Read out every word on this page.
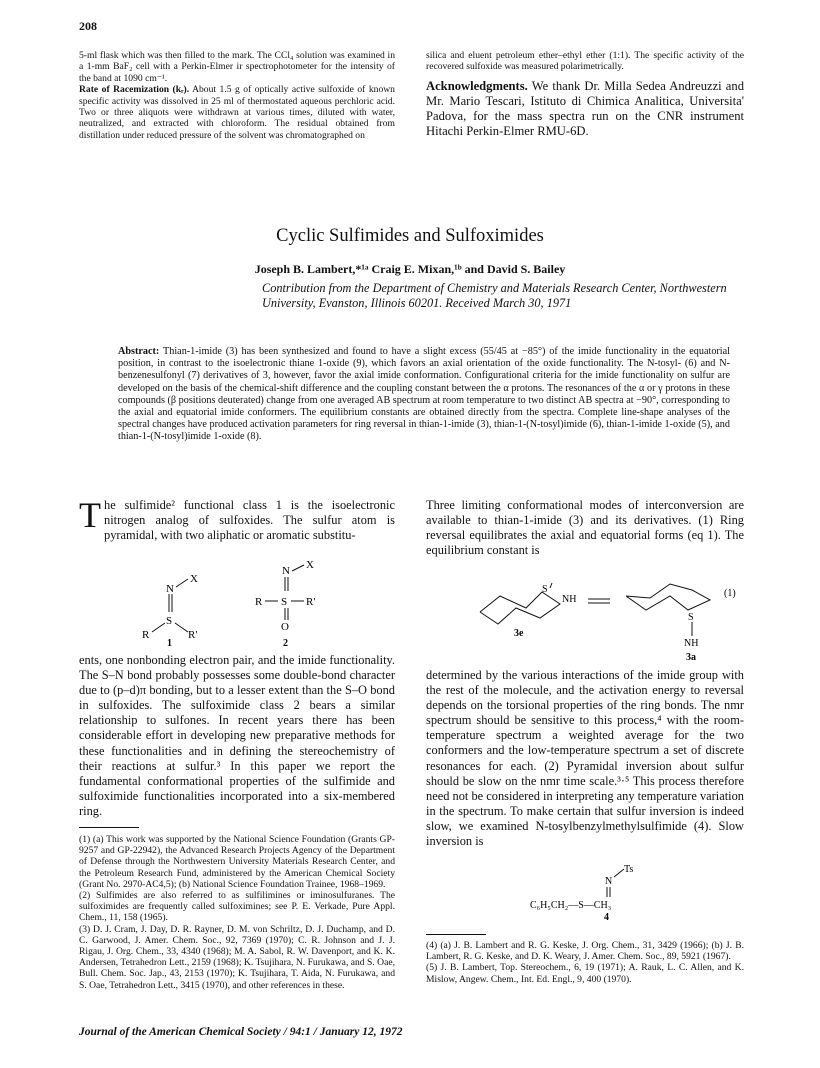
208

5-ml flask which was then filled to the mark. The CCl₄ solution was examined in a 1-mm BaF₂ cell with a Perkin-Elmer ir spectrophotometer for the intensity of the band at 1090 cm⁻¹.

Rate of Racemization (kᵣ). About 1.5 g of optically active sulfoxide of known specific activity was dissolved in 25 ml of thermostated aqueous perchloric acid. Two or three aliquots were withdrawn at various times, diluted with water, neutralized, and extracted with chloroform. The residual obtained from distillation under reduced pressure of the solvent was chromatographed on

silica and eluent petroleum ether–ethyl ether (1:1). The specific activity of the recovered sulfoxide was measured polarimetrically.

Acknowledgments. We thank Dr. Milla Sedea Andreuzzi and Mr. Mario Tescari, Istituto di Chimica Analitica, Universita' Padova, for the mass spectra run on the CNR instrument Hitachi Perkin-Elmer RMU-6D.

Cyclic Sulfimides and Sulfoximides
Joseph B. Lambert,*¹ᵃ Craig E. Mixan,¹ᵇ and David S. Bailey
Contribution from the Department of Chemistry and Materials Research Center, Northwestern University, Evanston, Illinois 60201. Received March 30, 1971
Abstract: Thian-1-imide (3) has been synthesized and found to have a slight excess (55/45 at −85°) of the imide functionality in the equatorial position, in contrast to the isoelectronic thiane 1-oxide (9), which favors an axial orientation of the oxide functionality. The N-tosyl- (6) and N-benzenesulfonyl (7) derivatives of 3, however, favor the axial imide conformation. Configurational criteria for the imide functionality on sulfur are developed on the basis of the chemical-shift difference and the coupling constant between the α protons. The resonances of the α or γ protons in these compounds (β positions deuterated) change from one averaged AB spectrum at room temperature to two distinct AB spectra at −90°, corresponding to the axial and equatorial imide conformers. The equilibrium constants are obtained directly from the spectra. Complete line-shape analyses of the spectral changes have produced activation parameters for ring reversal in thian-1-imide (3), thian-1-(N-tosyl)imide (6), thian-1-imide 1-oxide (5), and thian-1-(N-tosyl)imide 1-oxide (8).
The sulfimide² functional class 1 is the isoelectronic nitrogen analog of sulfoxides. The sulfur atom is pyramidal, with two aliphatic or aromatic substitu-
N
X
S
R	R'
1
N X
R S R'
O
2
ents, one nonbonding electron pair, and the imide functionality. The S–N bond probably possesses some double-bond character due to (p–d)π bonding, but to a lesser extent than the S–O bond in sulfoxides. The sulfoximide class 2 bears a similar relationship to sulfones. In recent years there has been considerable effort in developing new preparative methods for these functionalities and in defining the stereochemistry of their reactions at sulfur.³ In this paper we report the fundamental conformational properties of the sulfimide and sulfoximide functionalities incorporated into a six-membered ring.

(1) (a) This work was supported by the National Science Foundation (Grants GP-9257 and GP-22942), the Advanced Research Projects Agency of the Department of Defense through the Northwestern University Materials Research Center, and the Petroleum Research Fund, administered by the American Chemical Society (Grant No. 2970-AC4,5); (b) National Science Foundation Trainee, 1968–1969.

(2) Sulfimides are also referred to as sulfilimines or iminosulfuranes. The sulfoximides are frequently called sulfoximines; see P. E. Verkade, Pure Appl. Chem., 11, 158 (1965).

(3) D. J. Cram, J. Day, D. R. Rayner, D. M. von Schriltz, D. J. Duchamp, and D. C. Garwood, J. Amer. Chem. Soc., 92, 7369 (1970); C. R. Johnson and J. J. Rigau, J. Org. Chem., 33, 4340 (1968); M. A. Sabol, R. W. Davenport, and K. K. Andersen, Tetrahedron Lett., 2159 (1968); K. Tsujihara, N. Furukawa, and S. Oae, Bull. Chem. Soc. Jap., 43, 2153 (1970); K. Tsujihara, T. Aida, N. Furukawa, and S. Oae, Tetrahedron Lett., 3415 (1970), and other references in these.

Three limiting conformational modes of interconversion are available to thian-1-imide (3) and its derivatives. (1) Ring reversal equilibrates the axial and equatorial forms (eq 1). The equilibrium constant is
S
NH
3e
S
NH
3a
(1)
determined by the various interactions of the imide group with the rest of the molecule, and the activation energy to reversal depends on the torsional properties of the ring bonds. The nmr spectrum should be sensitive to this process,⁴ with the room-temperature spectrum a weighted average for the two conformers and the low-temperature spectrum a set of discrete resonances for each. (2) Pyramidal inversion about sulfur should be slow on the nmr time scale.³·⁵ This process therefore need not be considered in interpreting any temperature variation in the spectrum. To make certain that sulfur inversion is indeed slow, we examined N-tosylbenzylmethylsulfimide (4). Slow inversion is
Ts
N
C₆H₅CH₂—S—CH₃
4

(4) (a) J. B. Lambert and R. G. Keske, J. Org. Chem., 31, 3429 (1966); (b) J. B. Lambert, R. G. Keske, and D. K. Weary, J. Amer. Chem. Soc., 89, 5921 (1967).

(5) J. B. Lambert, Top. Stereochem., 6, 19 (1971); A. Rauk, L. C. Allen, and K. Mislow, Angew. Chem., Int. Ed. Engl., 9, 400 (1970).

Journal of the American Chemical Society / 94:1 / January 12, 1972
